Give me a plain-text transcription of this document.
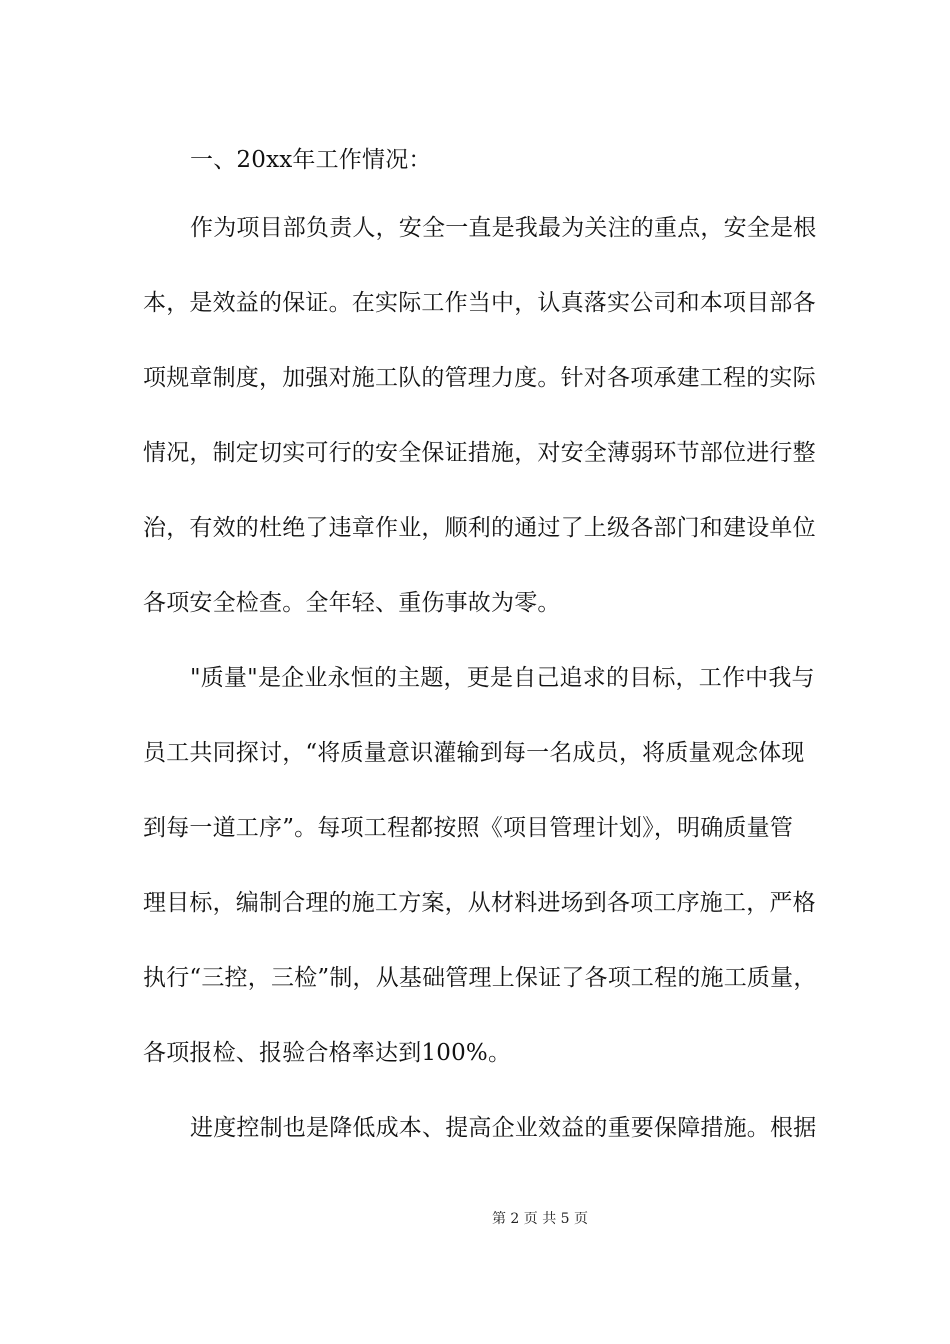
一、20xx年工作情况：
作为项目部负责人，安全一直是我最为关注的重点，安全是根
本，是效益的保证。在实际工作当中，认真落实公司和本项目部各
项规章制度，加强对施工队的管理力度。针对各项承建工程的实际
情况，制定切实可行的安全保证措施，对安全薄弱环节部位进行整
治，有效的杜绝了违章作业，顺利的通过了上级各部门和建设单位
各项安全检查。全年轻、重伤事故为零。
"质量"是企业永恒的主题，更是自己追求的目标，工作中我与
员工共同探讨，“将质量意识灌输到每一名成员，将质量观念体现
到每一道工序”。每项工程都按照《项目管理计划》，明确质量管
理目标，编制合理的施工方案，从材料进场到各项工序施工，严格
执行“三控，三检”制，从基础管理上保证了各项工程的施工质量，
各项报检、报验合格率达到100%。
进度控制也是降低成本、提高企业效益的重要保障措施。根据
第 2 页 共 5 页
